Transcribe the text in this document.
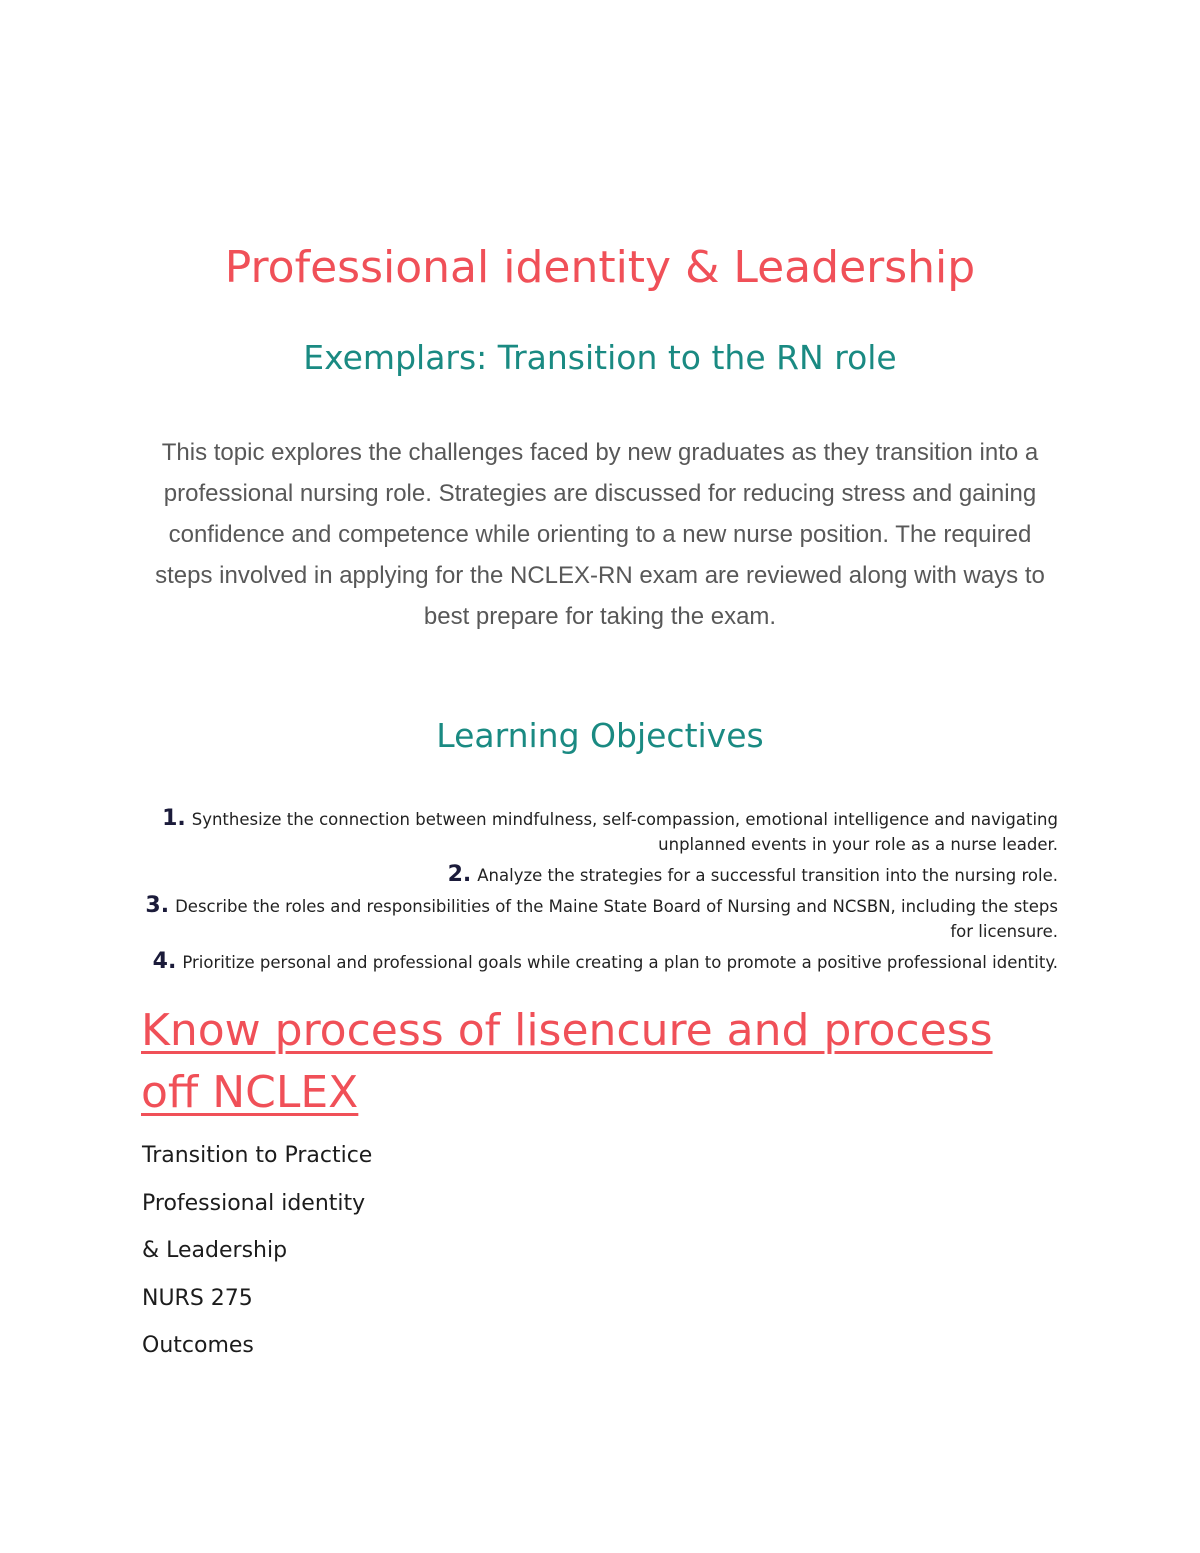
Professional identity & Leadership
Exemplars: Transition to the RN role

This topic explores the challenges faced by new graduates as they transition into a professional nursing role. Strategies are discussed for reducing stress and gaining confidence and competence while orienting to a new nurse position. The required steps involved in applying for the NCLEX-RN exam are reviewed along with ways to best prepare for taking the exam.

Learning Objectives
1. Synthesize the connection between mindfulness, self-compassion, emotional intelligence and navigating unplanned events in your role as a nurse leader.
2. Analyze the strategies for a successful transition into the nursing role.
3. Describe the roles and responsibilities of the Maine State Board of Nursing and NCSBN, including the steps for licensure.
4. Prioritize personal and professional goals while creating a plan to promote a positive professional identity.
Know process of lisencure and process off NCLEX
Transition to Practice
Professional identity
& Leadership
NURS 275
Outcomes
